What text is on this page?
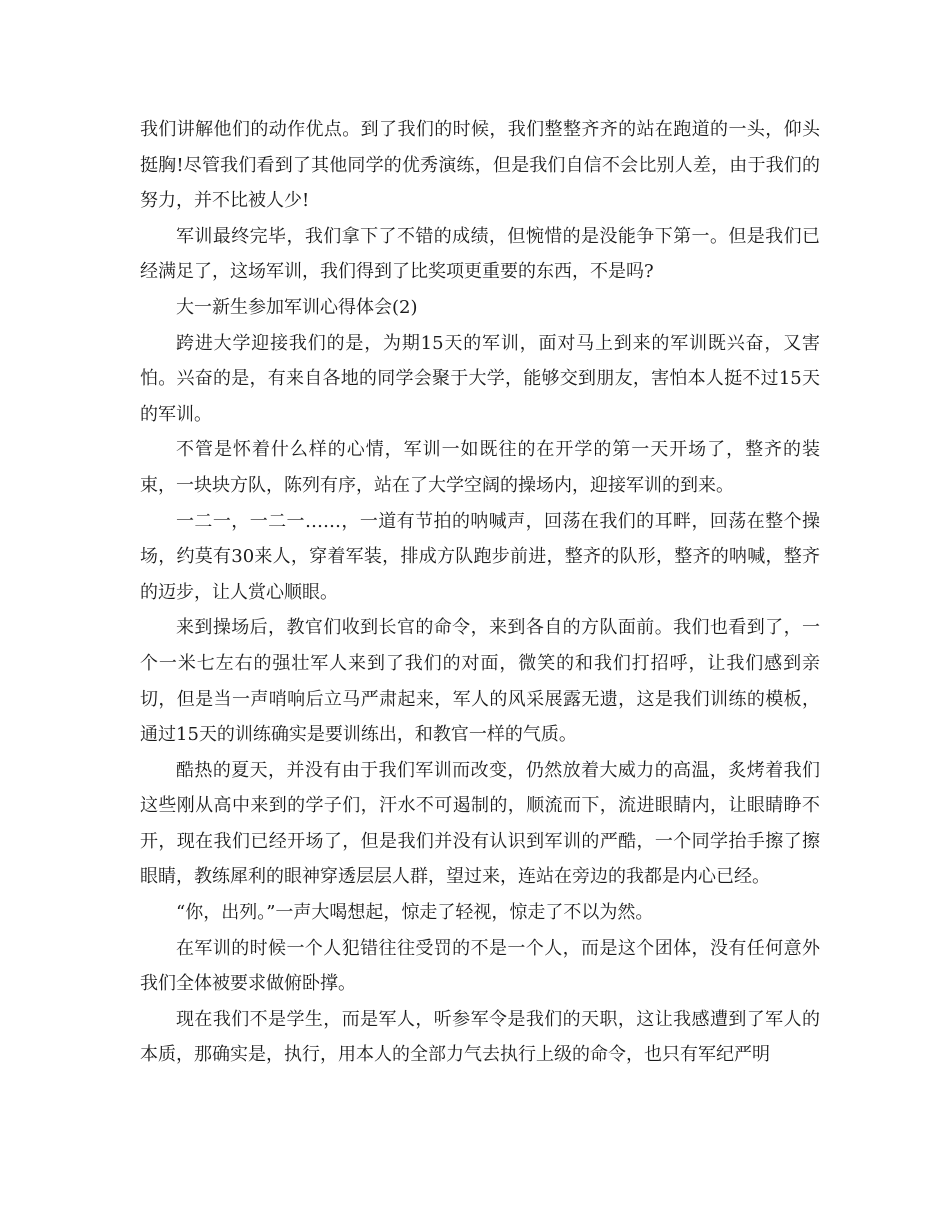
我们讲解他们的动作优点。到了我们的时候，我们整整齐齐的站在跑道的一头，仰头挺胸!尽管我们看到了其他同学的优秀演练，但是我们自信不会比别人差，由于我们的努力，并不比被人少!

军训最终完毕，我们拿下了不错的成绩，但惋惜的是没能争下第一。但是我们已经满足了，这场军训，我们得到了比奖项更重要的东西，不是吗?

大一新生参加军训心得体会(2)

跨进大学迎接我们的是，为期15天的军训，面对马上到来的军训既兴奋，又害怕。兴奋的是，有来自各地的同学会聚于大学，能够交到朋友，害怕本人挺不过15天的军训。

不管是怀着什么样的心情，军训一如既往的在开学的第一天开场了，整齐的装束，一块块方队，陈列有序，站在了大学空阔的操场内，迎接军训的到来。

一二一，一二一……，一道有节拍的呐喊声，回荡在我们的耳畔，回荡在整个操场，约莫有30来人，穿着军装，排成方队跑步前进，整齐的队形，整齐的呐喊，整齐的迈步，让人赏心顺眼。

来到操场后，教官们收到长官的命令，来到各自的方队面前。我们也看到了，一个一米七左右的强壮军人来到了我们的对面，微笑的和我们打招呼，让我们感到亲切，但是当一声哨响后立马严肃起来，军人的风采展露无遗，这是我们训练的模板，通过15天的训练确实是要训练出，和教官一样的气质。

酷热的夏天，并没有由于我们军训而改变，仍然放着大威力的高温，炙烤着我们这些刚从高中来到的学子们，汗水不可遏制的，顺流而下，流进眼睛内，让眼睛睁不开，现在我们已经开场了，但是我们并没有认识到军训的严酷，一个同学抬手擦了擦眼睛，教练犀利的眼神穿透层层人群，望过来，连站在旁边的我都是内心已经。

“你，出列。”一声大喝想起，惊走了轻视，惊走了不以为然。

在军训的时候一个人犯错往往受罚的不是一个人，而是这个团体，没有任何意外我们全体被要求做俯卧撑。

现在我们不是学生，而是军人，听参军令是我们的天职，这让我感遭到了军人的本质，那确实是，执行，用本人的全部力气去执行上级的命令，也只有军纪严明
